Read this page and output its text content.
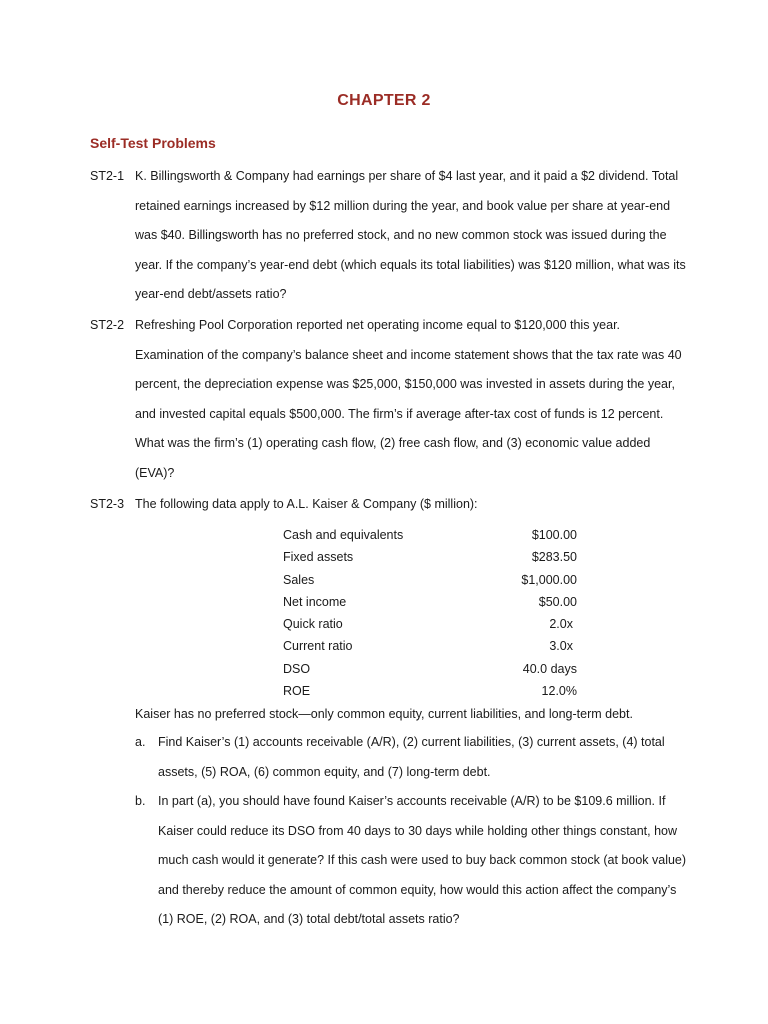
CHAPTER 2
Self-Test Problems
ST2-1 K. Billingsworth & Company had earnings per share of $4 last year, and it paid a $2 dividend. Total retained earnings increased by $12 million during the year, and book value per share at year-end was $40. Billingsworth has no preferred stock, and no new common stock was issued during the year. If the company’s year-end debt (which equals its total liabilities) was $120 million, what was its year-end debt/assets ratio?
ST2-2 Refreshing Pool Corporation reported net operating income equal to $120,000 this year. Examination of the company’s balance sheet and income statement shows that the tax rate was 40 percent, the depreciation expense was $25,000, $150,000 was invested in assets during the year, and invested capital equals $500,000. The firm’s if average after-tax cost of funds is 12 percent. What was the firm’s (1) operating cash flow, (2) free cash flow, and (3) economic value added (EVA)?
ST2-3 The following data apply to A.L. Kaiser & Company ($ million):
Cash and equivalents	$100.00
Fixed assets	$283.50
Sales	$1,000.00
Net income	$50.00
Quick ratio	2.0x
Current ratio	3.0x
DSO	40.0 days
ROE	12.0%
Kaiser has no preferred stock—only common equity, current liabilities, and long-term debt.
a. Find Kaiser’s (1) accounts receivable (A/R), (2) current liabilities, (3) current assets, (4) total assets, (5) ROA, (6) common equity, and (7) long-term debt.
b. In part (a), you should have found Kaiser’s accounts receivable (A/R) to be $109.6 million. If Kaiser could reduce its DSO from 40 days to 30 days while holding other things constant, how much cash would it generate? If this cash were used to buy back common stock (at book value) and thereby reduce the amount of common equity, how would this action affect the company’s (1) ROE, (2) ROA, and (3) total debt/total assets ratio?
